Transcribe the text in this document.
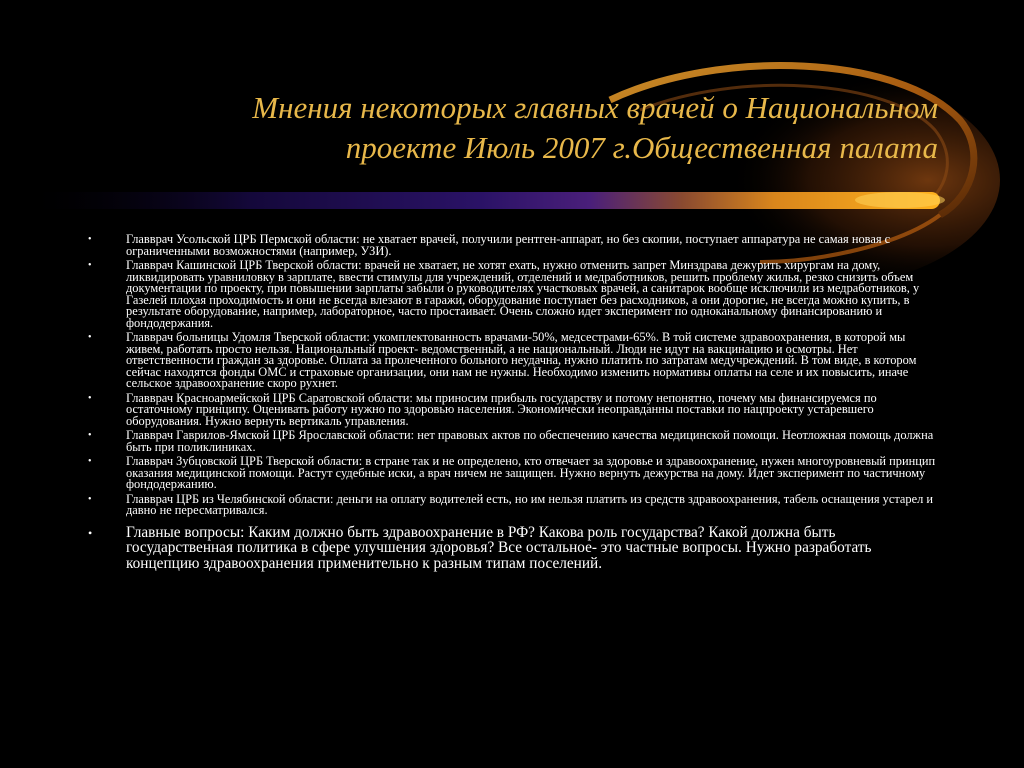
Мнения некоторых главных врачей о Национальном
проекте Июль 2007 г.Общественная палата
•	Главврач Усольской ЦРБ Пермской области: не хватает врачей, получили рентген-аппарат, но без скопии, поступает аппаратура не самая новая с ограниченными возможностями (например, УЗИ).
•	Главврач Кашинской ЦРБ Тверской области: врачей не хватает, не хотят ехать, нужно отменить запрет Минздрава дежурить хирургам на дому, ликвидировать уравниловку в зарплате, ввести стимулы для учреждений, отделений и медработников, решить проблему жилья, резко снизить объем документации по проекту, при повышении зарплаты забыли о руководителях участковых врачей, а санитарок вообще исключили из медработников, у Газелей плохая проходимость и они не всегда влезают в гаражи, оборудование поступает без расходников, а они дорогие, не всегда можно купить, в результате оборудование, например, лабораторное, часто простаивает. Очень сложно идет эксперимент по одноканальному финансированию и фондодержания.
•	Главврач больницы Удомля Тверской области: укомплектованность врачами-50%, медсестрами-65%. В той системе здравоохранения, в которой мы живем, работать просто нельзя. Национальный проект- ведомственный, а не национальный. Люди не идут на вакцинацию и осмотры. Нет ответственности граждан за здоровье. Оплата за пролеченного больного неудачна, нужно платить по затратам медучреждений. В том виде, в котором сейчас находятся фонды ОМС и страховые организации, они нам не нужны. Необходимо изменить нормативы оплаты на селе и их повысить, иначе сельское здравоохранение скоро рухнет.
•	Главврач Красноармейской ЦРБ Саратовской области: мы приносим прибыль государству и потому непонятно, почему мы финансируемся по остаточному принципу. Оценивать работу нужно по здоровью населения. Экономически неоправданны поставки по нацпроекту устаревшего оборудования. Нужно вернуть вертикаль управления.
•	Главврач Гаврилов-Ямской ЦРБ Ярославской области: нет правовых актов по обеспечению качества медицинской помощи. Неотложная помощь должна быть при поликлиниках.
•	Главврач Зубцовской ЦРБ Тверской области: в стране так и не определено, кто отвечает за здоровье и здравоохранение, нужен многоуровневый принцип оказания медицинской помощи. Растут судебные иски, а врач ничем не защищен. Нужно вернуть дежурства на дому. Идет эксперимент по частичному фондодержанию.
•	Главврач ЦРБ из Челябинской области: деньги на оплату водителей есть, но им нельзя платить из средств здравоохранения, табель оснащения устарел и давно не пересматривался.
• Главные вопросы: Каким должно быть здравоохранение в РФ? Какова роль государства? Какой должна быть государственная политика в сфере улучшения здоровья? Все остальное- это частные вопросы. Нужно разработать концепцию здравоохранения применительно к разным типам поселений.
